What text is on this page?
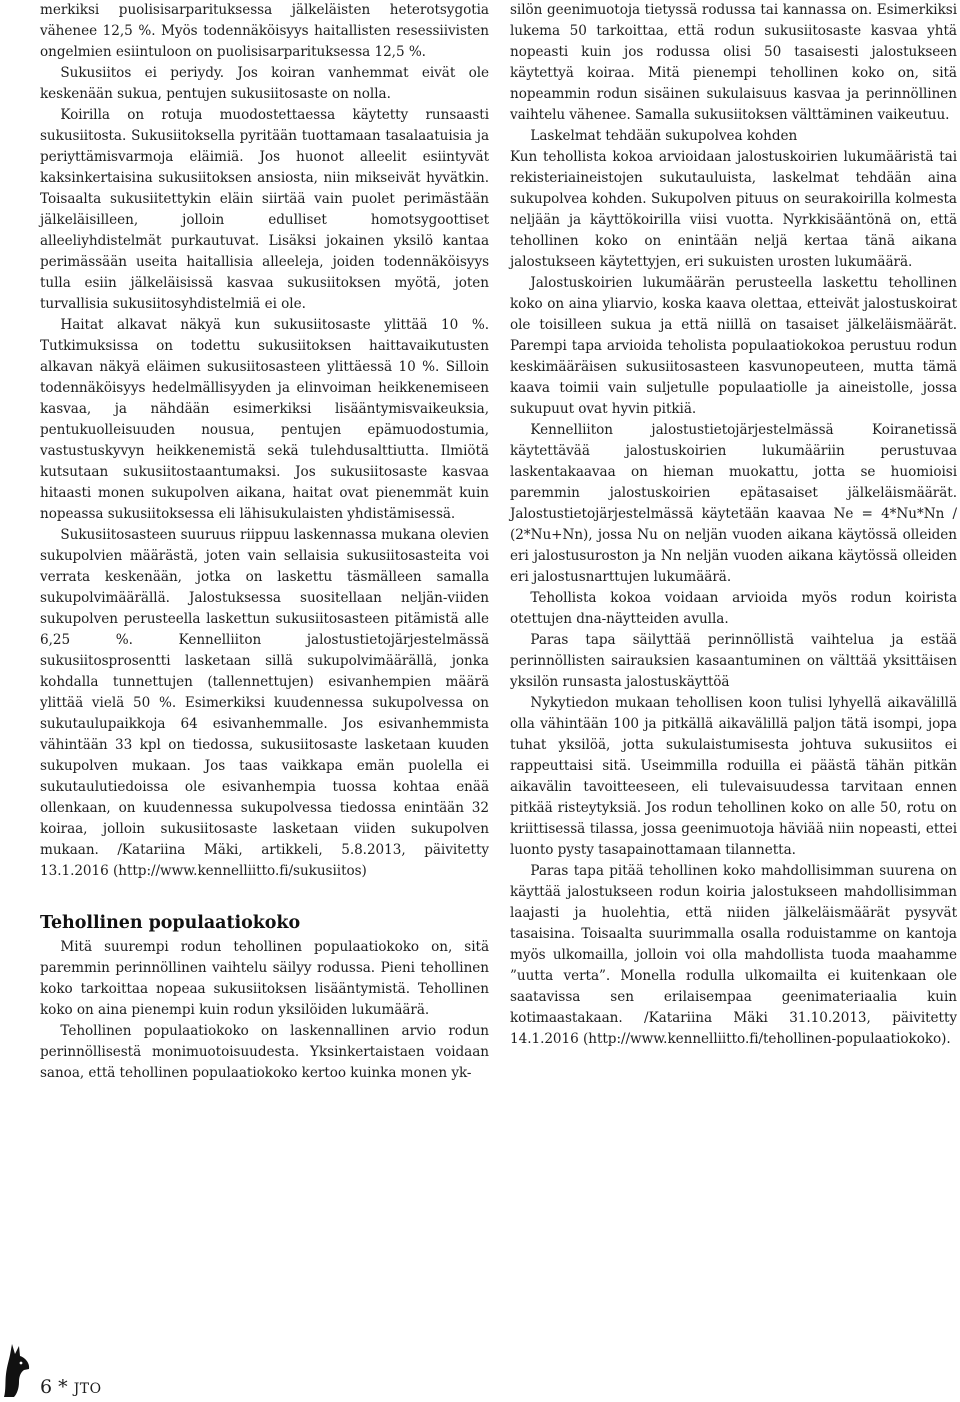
merkiksi puolisisarparituksessa jälkeläisten heterotsygotia vähenee 12,5 %. Myös todennäköisyys haitallisten resessiivisten ongelmien esiintuloon on puolisisarparituksessa 12,5 %.

Sukusiitos ei periydy. Jos koiran vanhemmat eivät ole keskenään sukua, pentujen sukusiitosaste on nolla.

Koirilla on rotuja muodostettaessa käytetty runsaasti sukusiitosta. Sukusiitoksella pyritään tuottamaan tasalaatuisia ja periyttämisvarmoja eläimiä. Jos huonot alleelit esiintyvät kaksinkertaisina sukusiitoksen ansiosta, niin mikseivät hyvätkin. Toisaalta sukusiitettykin eläin siirtää vain puolet perimästään jälkeläisilleen, jolloin edulliset homotsygoottiset alleeliyhdistelmät purkautuvat. Lisäksi jokainen yksilö kantaa perimässään useita haitallisia alleeleja, joiden todennäköisyys tulla esiin jälkeläisissä kasvaa sukusiitoksen myötä, joten turvallisia sukusiitosyhdistelmiä ei ole.

Haitat alkavat näkyä kun sukusiitosaste ylittää 10 %. Tutkimuksissa on todettu sukusiitoksen haittavaikutusten alkavan näkyä eläimen sukusiitosasteen ylittäessä 10 %. Silloin todennäköisyys hedelmällisyyden ja elinvoiman heikkenemiseen kasvaa, ja nähdään esimerkiksi lisääntymisvaikeuksia, pentukuolleisuuden nousua, pentujen epämuodostumia, vastustuskyvyn heikkenemistä sekä tulehdusalttiutta. Ilmiötä kutsutaan sukusiitostaantumaksi. Jos sukusiitosaste kasvaa hitaasti monen sukupolven aikana, haitat ovat pienemmät kuin nopeassa sukusiitoksessa eli lähisukulaisten yhdistämisessä.

Sukusiitosasteen suuruus riippuu laskennassa mukana olevien sukupolvien määrästä, joten vain sellaisia sukusiitosasteita voi verrata keskenään, jotka on laskettu täsmälleen samalla sukupolvimäärällä. Jalostuksessa suositellaan neljän-viiden sukupolven perusteella laskettun sukusiitosasteen pitämistä alle 6,25 %. Kennelliiton jalostustietojärjestelmässä sukusiitosprosentti lasketaan sillä sukupolvimäärällä, jonka kohdalla tunnettujen (tallennettujen) esivanhempien määrä ylittää vielä 50 %. Esimerkiksi kuudennessa sukupolvessa on sukutaulupaikkoja 64 esivanhemmalle. Jos esivanhemmista vähintään 33 kpl on tiedossa, sukusiitosaste lasketaan kuuden sukupolven mukaan. Jos taas vaikkapa emän puolella ei sukutaulutiedoissa ole esivanhempia tuossa kohtaa enää ollenkaan, on kuudennessa sukupolvessa tiedossa enintään 32 koiraa, jolloin sukusiitosaste lasketaan viiden sukupolven mukaan. /Katariina Mäki, artikkeli, 5.8.2013, päivitetty 13.1.2016 (http://www.kennelliitto.fi/sukusiitos)

Tehollinen populaatiokoko

Mitä suurempi rodun tehollinen populaatiokoko on, sitä paremmin perinnöllinen vaihtelu säilyy rodussa. Pieni tehollinen koko tarkoittaa nopeaa sukusiitoksen lisääntymistä. Tehollinen koko on aina pienempi kuin rodun yksilöiden lukumäärä.

Tehollinen populaatiokoko on laskennallinen arvio rodun perinnöllisestä monimuotoisuudesta. Yksinkertaistaen voidaan sanoa, että tehollinen populaatiokoko kertoo kuinka monen yk-

silön geenimuotoja tietyssä rodussa tai kannassa on. Esimerkiksi lukema 50 tarkoittaa, että rodun sukusiitosaste kasvaa yhtä nopeasti kuin jos rodussa olisi 50 tasaisesti jalostukseen käytettyä koiraa. Mitä pienempi tehollinen koko on, sitä nopeammin rodun sisäinen sukulaisuus kasvaa ja perinnöllinen vaihtelu vähenee. Samalla sukusiitoksen välttäminen vaikeutuu.

Laskelmat tehdään sukupolvea kohden

Kun tehollista kokoa arvioidaan jalostuskoirien lukumääristä tai rekisteriaineistojen sukutauluista, laskelmat tehdään aina sukupolvea kohden. Sukupolven pituus on seurakoirilla kolmesta neljään ja käyttökoirilla viisi vuotta. Nyrkkisääntönä on, että tehollinen koko on enintään neljä kertaa tänä aikana jalostukseen käytettyjen, eri sukuisten urosten lukumäärä.

Jalostuskoirien lukumäärän perusteella laskettu tehollinen koko on aina yliarvio, koska kaava olettaa, etteivät jalostuskoirat ole toisilleen sukua ja että niillä on tasaiset jälkeläismäärät. Parempi tapa arvioida teholista populaatiokokoa perustuu rodun keskimääräisen sukusiitosasteen kasvunopeuteen, mutta tämä kaava toimii vain suljetulle populaatiolle ja aineistolle, jossa sukupuut ovat hyvin pitkiä.

Kennelliiton jalostustietojärjestelmässä Koiranetissä käytettävää jalostuskoirien lukumääriin perustuvaa laskentakaavaa on hieman muokattu, jotta se huomioisi paremmin jalostuskoirien epätasaiset jälkeläismäärät. Jalostustietojärjestelmässä käytetään kaavaa Ne = 4*Nu*Nn / (2*Nu+Nn), jossa Nu on neljän vuoden aikana käytössä olleiden eri jalostusuroston ja Nn neljän vuoden aikana käytössä olleiden eri jalostusnarttujen lukumäärä.

Tehollista kokoa voidaan arvioida myös rodun koirista otettujen dna-näytteiden avulla.

Paras tapa säilyttää perinnöllistä vaihtelua ja estää perinnöllisten sairauksien kasaantuminen on välttää yksittäisen yksilön runsasta jalostuskäyttöä

Nykytiedon mukaan tehollisen koon tulisi lyhyellä aikavälillä olla vähintään 100 ja pitkällä aikavälillä paljon tätä isompi, jopa tuhat yksilöä, jotta sukulaistumisesta johtuva sukusiitos ei rappeuttaisi sitä. Useimmilla roduilla ei päästä tähän pitkän aikavälin tavoitteeseen, eli tulevaisuudessa tarvitaan ennen pitkää risteytyksiä. Jos rodun tehollinen koko on alle 50, rotu on kriittisessä tilassa, jossa geenimuotoja häviää niin nopeasti, ettei luonto pysty tasapainottamaan tilannetta.

Paras tapa pitää tehollinen koko mahdollisimman suurena on käyttää jalostukseen rodun koiria jalostukseen mahdollisimman laajasti ja huolehtia, että niiden jälkeläismäärät pysyvät tasaisina. Toisaalta suurimmalla osalla roduistamme on kantoja myös ulkomailla, jolloin voi olla mahdollista tuoda maahamme ”uutta verta”. Monella rodulla ulkomailta ei kuitenkaan ole saatavissa sen erilaisempaa geenimateriaalia kuin kotimaastakaan. /Katariina Mäki 31.10.2013, päivitetty 14.1.2016 (http://www.kennelliitto.fi/tehollinen-populaatiokoko).

6 * JTO
